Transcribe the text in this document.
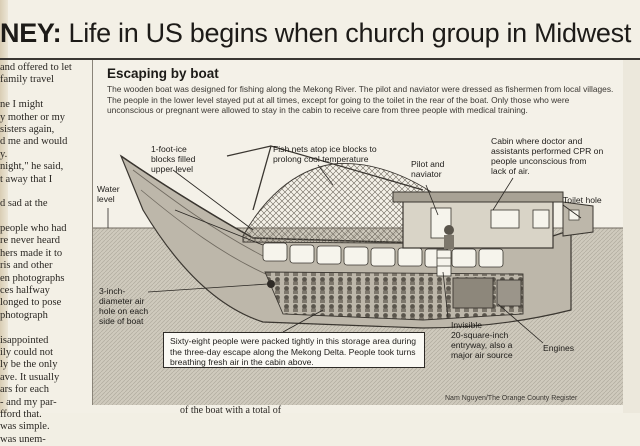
NEY: Life in US begins when church group in Midwest
and offered to let
family travel
ne I might
y mother or my
sisters again,
d me and would
y.
night," he said,
t away that I
d sad at the
people who had
re never heard
hers made it to
ris and other
en photographs
ces halfway
longed to pose
photograph
isappointed
ily could not
ly be the only
ave. It usually
ars for each
- and my par-
fford that.
was simple.
was unem-
Escaping by boat
The wooden boat was designed for fishing along the Mekong River. The pilot and naviator were dressed as fishermen from local villages. The people in the lower level stayed put at all times, except for going to the toilet in the rear of the boat. Only those who were unconscious or pregnant were allowed to stay in the cabin to receive care from three people with medical training.
1-foot-ice
blocks filled
upper level
Fish nets atop ice blocks to
prolong cool temperature	Pilot and
naviator
Cabin where doctor and
assistants performed CPR on
people unconscious from
lack of air.
Water
level	Toilet hole
3-inch-
diameter air
hole on each
side of boat	Invisible
20-square-inch
entryway, also a
major air source
Engines
Sixty-eight people were packed tightly in this storage area during the three-day escape along the Mekong Delta. People took turns breathing fresh air in the cabin above.
Nam Nguyen/The Orange County Register
of the boat with a total of
